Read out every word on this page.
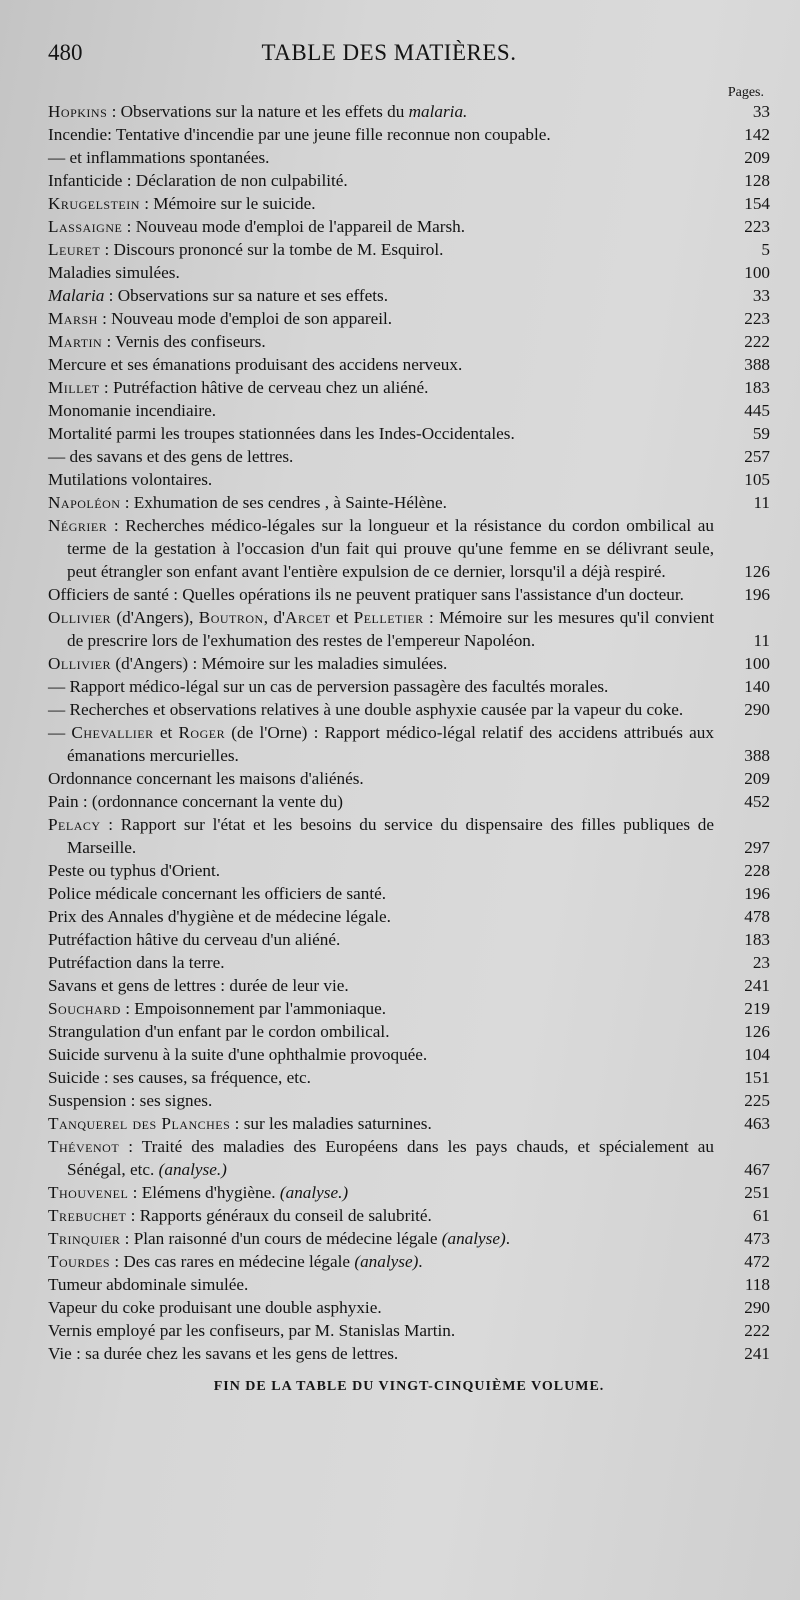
480	TABLE DES MATIÈRES.
Pages.
Hopkins : Observations sur la nature et les effets du malaria.	33
Incendie: Tentative d'incendie par une jeune fille reconnue non coupable.	142
— et inflammations spontanées.	209
Infanticide : Déclaration de non culpabilité.	128
Krugelstein : Mémoire sur le suicide.	154
Lassaigne : Nouveau mode d'emploi de l'appareil de Marsh.	223
Leuret : Discours prononcé sur la tombe de M. Esquirol.	5
Maladies simulées.	100
Malaria : Observations sur sa nature et ses effets.	33
Marsh : Nouveau mode d'emploi de son appareil.	223
Martin : Vernis des confiseurs.	222
Mercure et ses émanations produisant des accidens nerveux.	388
Millet : Putréfaction hâtive de cerveau chez un aliéné.	183
Monomanie incendiaire.	445
Mortalité parmi les troupes stationnées dans les Indes-Occidentales.	59
— des savans et des gens de lettres.	257
Mutilations volontaires.	105
Napoléon : Exhumation de ses cendres , à Sainte-Hélène.	11
Négrier : Recherches médico-légales sur la longueur et la résistance du cordon ombilical au terme de la gestation à l'occasion d'un fait qui prouve qu'une femme en se délivrant seule, peut étrangler son enfant avant l'entière expulsion de ce dernier, lorsqu'il a déjà respiré.	126
Officiers de santé : Quelles opérations ils ne peuvent pratiquer sans l'assistance d'un docteur.	196
Ollivier (d'Angers), Boutron, d'Arcet et Pelletier : Mémoire sur les mesures qu'il convient de prescrire lors de l'exhumation des restes de l'empereur Napoléon.	11
Ollivier (d'Angers) : Mémoire sur les maladies simulées.	100
— Rapport médico-légal sur un cas de perversion passagère des facultés morales.	140
— Recherches et observations relatives à une double asphyxie causée par la vapeur du coke.	290
— Chevallier et Roger (de l'Orne) : Rapport médico-légal relatif des accidens attribués aux émanations mercurielles.	388
Ordonnance concernant les maisons d'aliénés.	209
Pain : (ordonnance concernant la vente du)	452
Pelacy : Rapport sur l'état et les besoins du service du dispensaire des filles publiques de Marseille.	297
Peste ou typhus d'Orient.	228
Police médicale concernant les officiers de santé.	196
Prix des Annales d'hygiène et de médecine légale.	478
Putréfaction hâtive du cerveau d'un aliéné.	183
Putréfaction dans la terre.	23
Savans et gens de lettres : durée de leur vie.	241
Souchard : Empoisonnement par l'ammoniaque.	219
Strangulation d'un enfant par le cordon ombilical.	126
Suicide survenu à la suite d'une ophthalmie provoquée.	104
Suicide : ses causes, sa fréquence, etc.	151
Suspension : ses signes.	225
Tanquerel des Planches : sur les maladies saturnines.	463
Thévenot : Traité des maladies des Européens dans les pays chauds, et spécialement au Sénégal, etc. (analyse.)	467
Thouvenel : Elémens d'hygiène. (analyse.)	251
Trebuchet : Rapports généraux du conseil de salubrité.	61
Trinquier : Plan raisonné d'un cours de médecine légale (analyse).	473
Tourdes : Des cas rares en médecine légale (analyse).	472
Tumeur abdominale simulée.	118
Vapeur du coke produisant une double asphyxie.	290
Vernis employé par les confiseurs, par M. Stanislas Martin.	222
Vie : sa durée chez les savans et les gens de lettres.	241
FIN DE LA TABLE DU VINGT-CINQUIÈME VOLUME.
